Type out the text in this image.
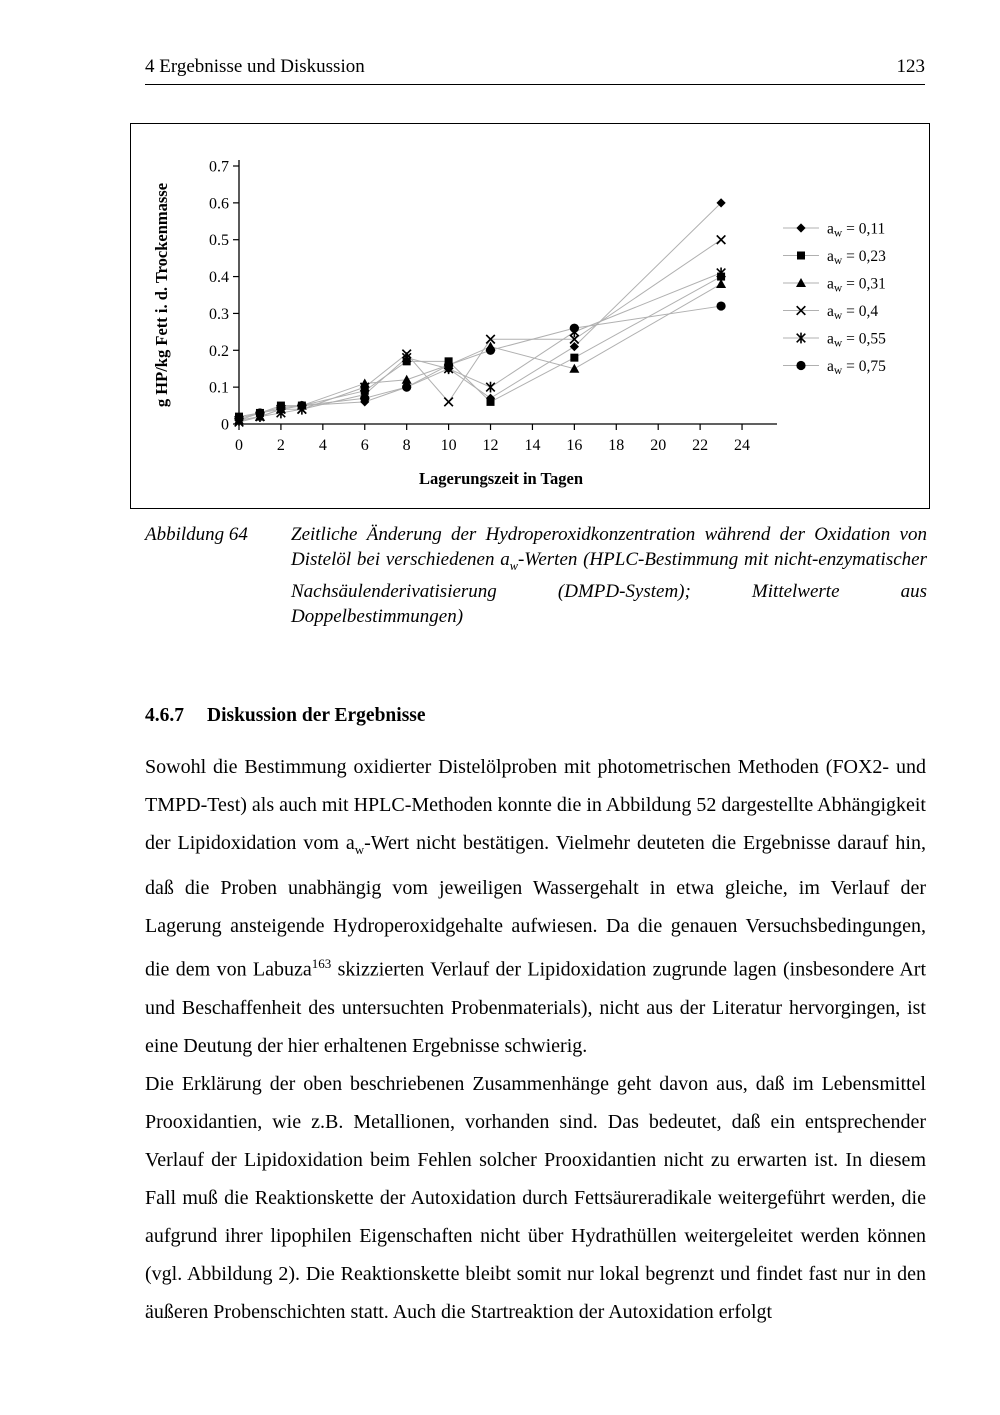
4 Ergebnisse und Diskussion	123
0
0.1
0.2
0.3
0.4
0.5
0.6
0.7
0 2 4 6 8 10 12 14 16 18 20 22 24
g HP/kg Fett i. d. Trockenmasse
Lagerungszeit in Tagen
aw = 0,11
aw = 0,23
aw = 0,31
aw = 0,4
aw = 0,55
aw = 0,75
Abbildung 64	Zeitliche Änderung der Hydroperoxidkonzentration während der Oxidation von Distelöl bei verschiedenen $a_w$-Werten (HPLC-Bestimmung mit nicht-enzymatischer Nachsäulenderivatisierung (DMPD-System); Mittelwerte aus Doppelbestimmungen)
4.6.7 Diskussion der Ergebnisse

Sowohl die Bestimmung oxidierter Distelölproben mit photometrischen Methoden (FOX2- und TMPD-Test) als auch mit HPLC-Methoden konnte die in Abbildung 52 dargestellte Abhängigkeit der Lipidoxidation vom $a_w$-Wert nicht bestätigen. Vielmehr deuteten die Ergebnisse darauf hin, daß die Proben unabhängig vom jeweiligen Wassergehalt in etwa gleiche, im Verlauf der Lagerung ansteigende Hydroperoxidgehalte aufwiesen. Da die genauen Versuchsbedingungen, die dem von Labuza$^{163}$ skizzierten Verlauf der Lipidoxidation zugrunde lagen (insbesondere Art und Beschaffenheit des untersuchten Probenmaterials), nicht aus der Literatur hervorgingen, ist eine Deutung der hier erhaltenen Ergebnisse schwierig.

Die Erklärung der oben beschriebenen Zusammenhänge geht davon aus, daß im Lebensmittel Prooxidantien, wie z.B. Metallionen, vorhanden sind. Das bedeutet, daß ein entsprechender Verlauf der Lipidoxidation beim Fehlen solcher Prooxidantien nicht zu erwarten ist. In diesem Fall muß die Reaktionskette der Autoxidation durch Fettsäureradikale weitergeführt werden, die aufgrund ihrer lipophilen Eigenschaften nicht über Hydrathüllen weitergeleitet werden können (vgl. Abbildung 2). Die Reaktionskette bleibt somit nur lokal begrenzt und findet fast nur in den äußeren Probenschichten statt. Auch die Startreaktion der Autoxidation erfolgt
